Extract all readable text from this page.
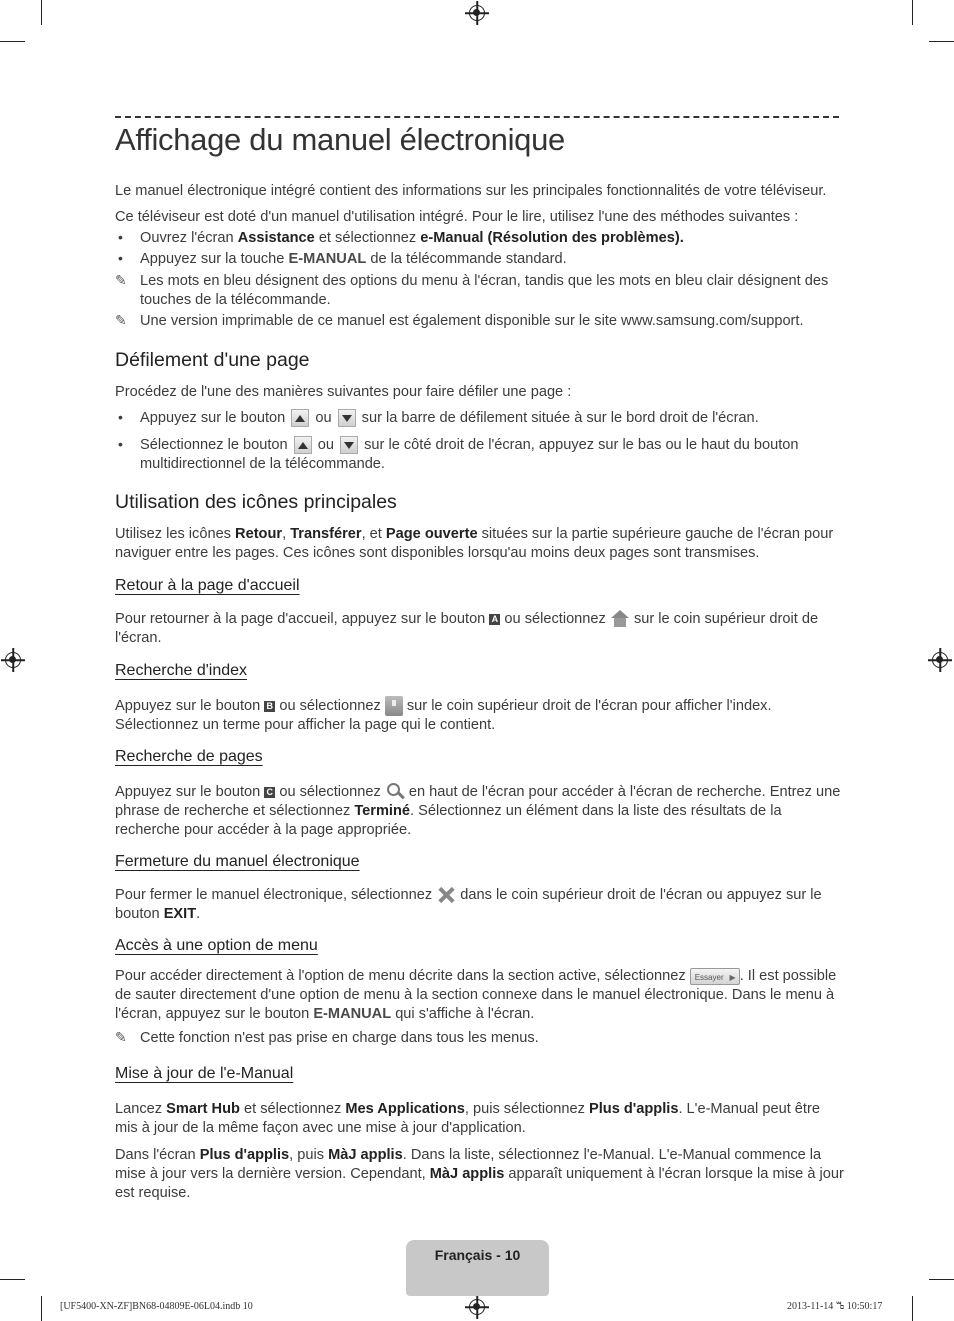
Affichage du manuel électronique
Le manuel électronique intégré contient des informations sur les principales fonctionnalités de votre téléviseur.
Ce téléviseur est doté d'un manuel d'utilisation intégré. Pour le lire, utilisez l'une des méthodes suivantes :
• Ouvrez l'écran Assistance et sélectionnez e-Manual (Résolution des problèmes).
• Appuyez sur la touche E-MANUAL de la télécommande standard.
✎ Les mots en bleu désignent des options du menu à l'écran, tandis que les mots en bleu clair désignent des touches de la télécommande.
✎ Une version imprimable de ce manuel est également disponible sur le site www.samsung.com/support.
Défilement d'une page
Procédez de l'une des manières suivantes pour faire défiler une page :
• Appuyez sur le bouton
ou
sur la barre de défilement située à sur le bord droit de l'écran.
• Sélectionnez le bouton
ou
sur le côté droit de l'écran, appuyez sur le bas ou le haut du bouton multidirectionnel de la télécommande.
Utilisation des icônes principales
Utilisez les icônes Retour, Transférer, et Page ouverte situées sur la partie supérieure gauche de l'écran pour naviguer entre les pages. Ces icônes sont disponibles lorsqu'au moins deux pages sont transmises.
Retour à la page d'accueil
Pour retourner à la page d'accueil, appuyez sur le bouton A ou sélectionnez  sur le coin supérieur droit de l'écran.
Recherche d'index
Appuyez sur le bouton B ou sélectionnez  sur le coin supérieur droit de l'écran pour afficher l'index. Sélectionnez un terme pour afficher la page qui le contient.
Recherche de pages
Appuyez sur le bouton C ou sélectionnez  en haut de l'écran pour accéder à l'écran de recherche. Entrez une phrase de recherche et sélectionnez Terminé. Sélectionnez un élément dans la liste des résultats de la recherche pour accéder à la page appropriée.
Fermeture du manuel électronique
Pour fermer le manuel électronique, sélectionnez  dans le coin supérieur droit de l'écran ou appuyez sur le bouton EXIT.
Accès à une option de menu
Pour accéder directement à l'option de menu décrite dans la section active, sélectionnez Essayer ▶ . Il est possible de sauter directement d'une option de menu à la section connexe dans le manuel électronique. Dans le menu à l'écran, appuyez sur le bouton E-MANUAL qui s'affiche à l'écran.
✎ Cette fonction n'est pas prise en charge dans tous les menus.
Mise à jour de l'e-Manual
Lancez Smart Hub et sélectionnez Mes Applications, puis sélectionnez Plus d'applis. L'e-Manual peut être mis à jour de la même façon avec une mise à jour d'application.
Dans l'écran Plus d'applis, puis MàJ applis. Dans la liste, sélectionnez l'e-Manual. L'e-Manual commence la mise à jour vers la dernière version. Cependant, MàJ applis apparaît uniquement à l'écran lorsque la mise à jour est requise.
Français - 10
[UF5400-XN-ZF]BN68-04809E-06L04.indb 10	2013-11-14 ꕰ 10:50:17
